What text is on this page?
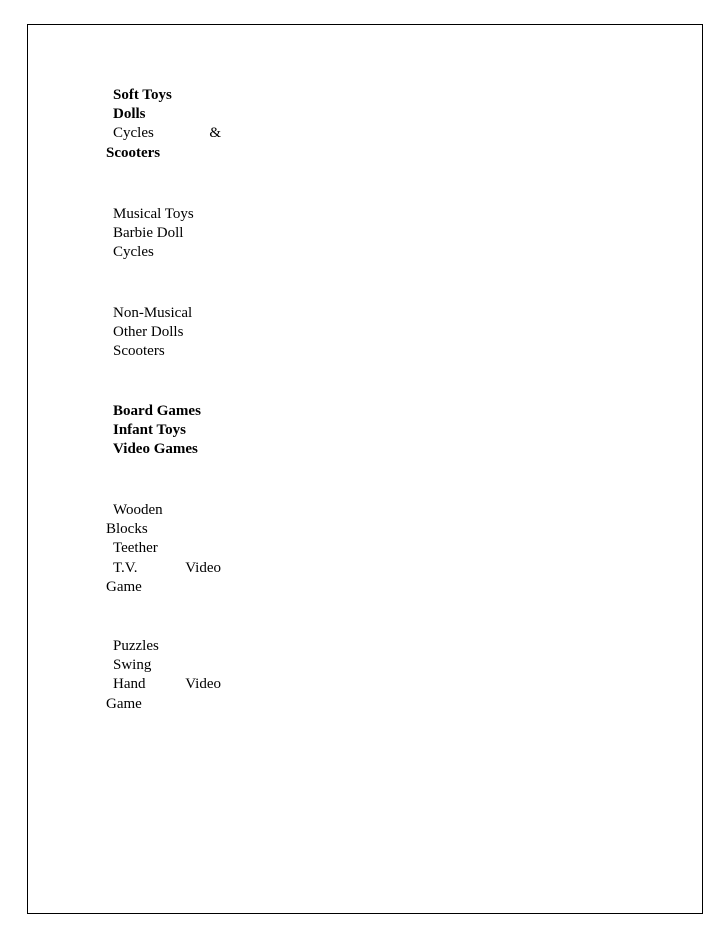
Soft Toys
Dolls
Cycles	&
Scooters
Musical Toys
Barbie Doll
Cycles
Non-Musical
Other Dolls
Scooters
Board Games
Infant Toys
Video Games
Wooden
Blocks
Teether
T.V.	Video
Game
Puzzles
Swing
Hand	Video
Game
